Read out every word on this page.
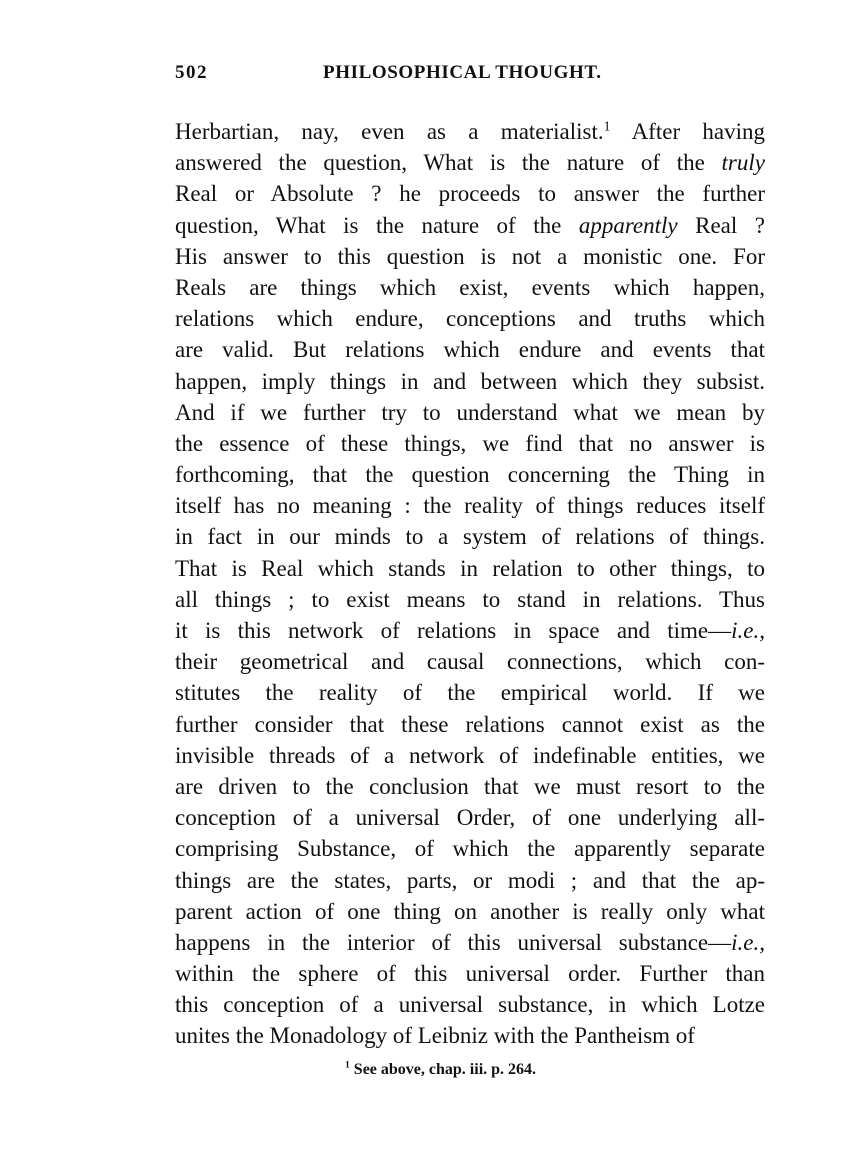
502	PHILOSOPHICAL THOUGHT.
Herbartian, nay, even as a materialist.$^1$ After having
answered the question, What is the nature of the truly
Real or Absolute ? he proceeds to answer the further
question, What is the nature of the apparently Real ?
His answer to this question is not a monistic one. For
Reals are things which exist, events which happen,
relations which endure, conceptions and truths which
are valid. But relations which endure and events that
happen, imply things in and between which they subsist.
And if we further try to understand what we mean by
the essence of these things, we find that no answer is
forthcoming, that the question concerning the Thing in
itself has no meaning : the reality of things reduces itself
in fact in our minds to a system of relations of things.
That is Real which stands in relation to other things, to
all things ; to exist means to stand in relations. Thus
it is this network of relations in space and time—i.e.,
their geometrical and causal connections, which con-
stitutes the reality of the empirical world. If we
further consider that these relations cannot exist as the
invisible threads of a network of indefinable entities, we
are driven to the conclusion that we must resort to the
conception of a universal Order, of one underlying all-
comprising Substance, of which the apparently separate
things are the states, parts, or modi ; and that the ap-
parent action of one thing on another is really only what
happens in the interior of this universal substance—i.e.,
within the sphere of this universal order. Further than
this conception of a universal substance, in which Lotze
unites the Monadology of Leibniz with the Pantheism of
$^1$ See above, chap. iii. p. 264.
